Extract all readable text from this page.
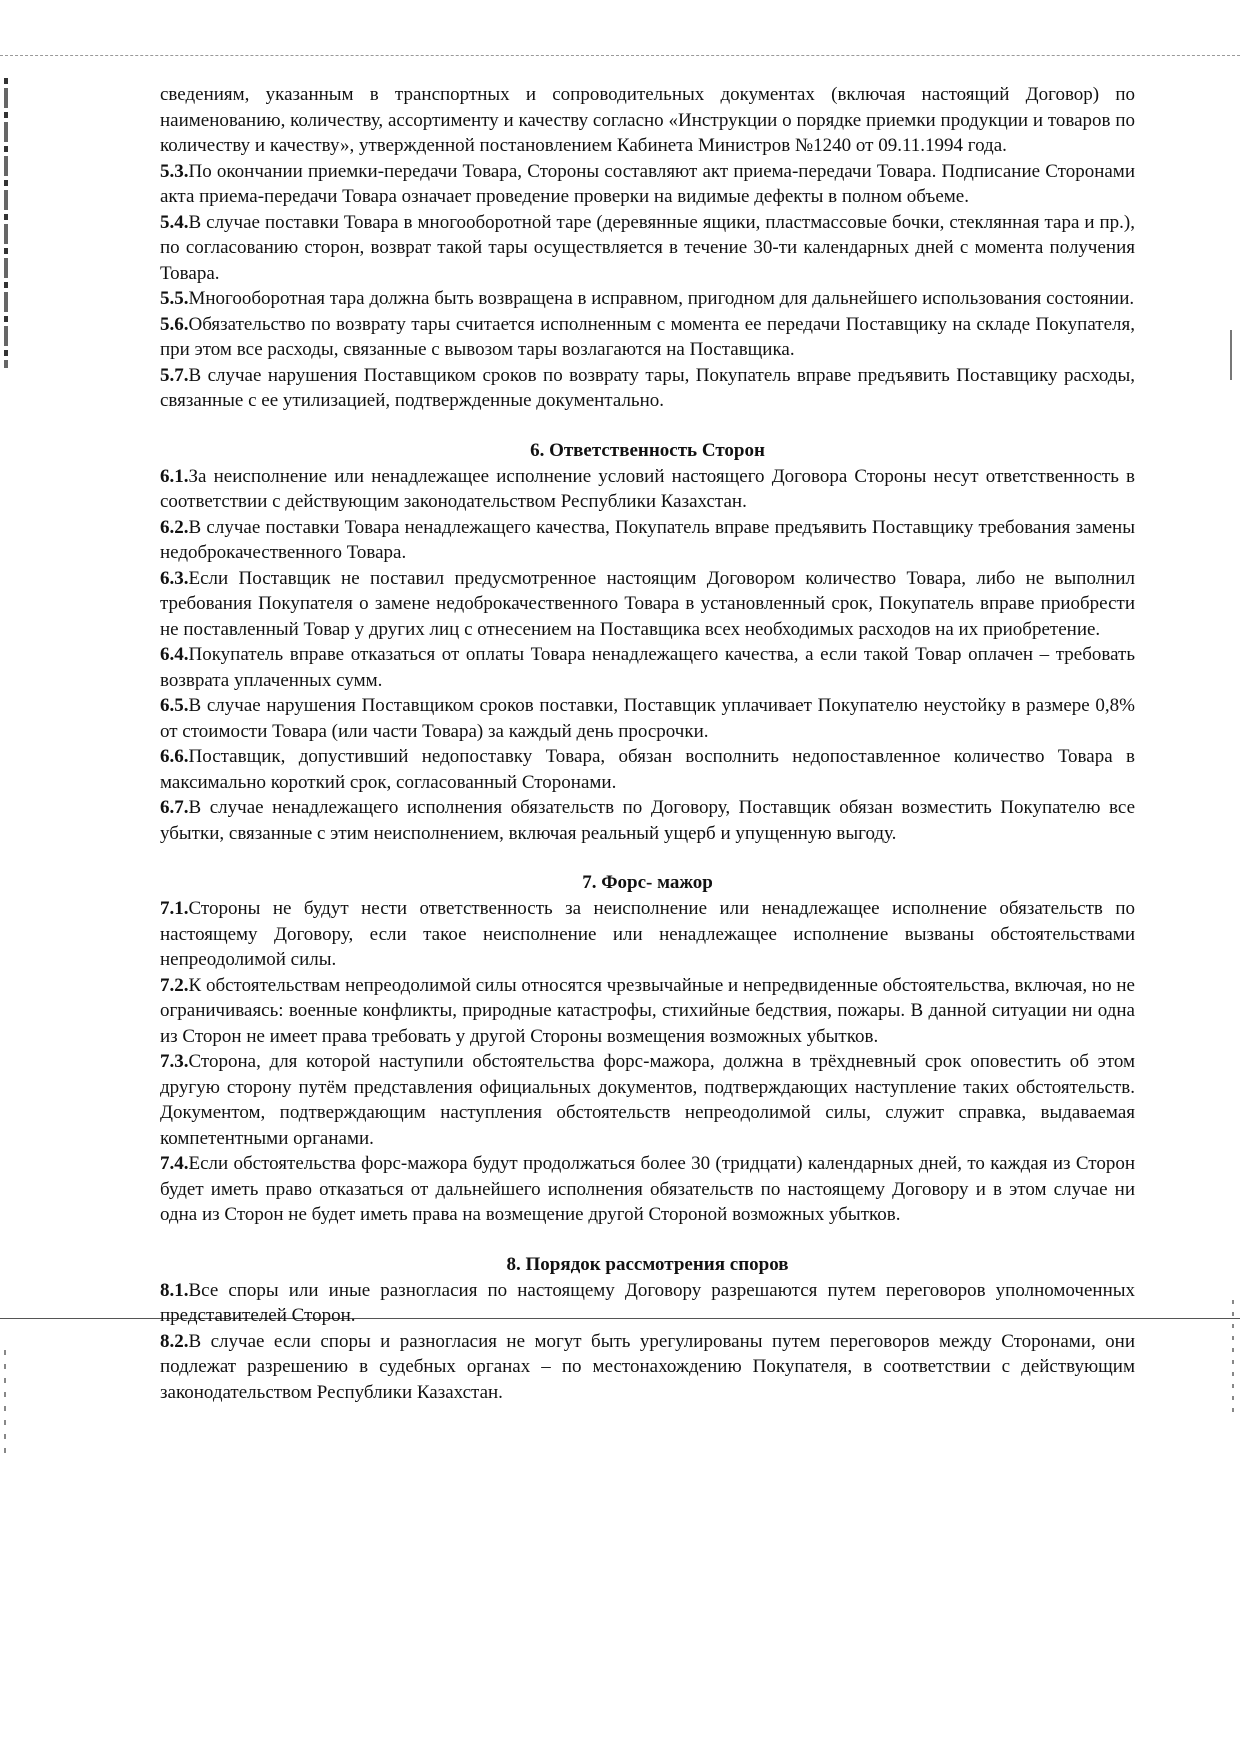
сведениям, указанным в транспортных и сопроводительных документах (включая настоящий Договор) по наименованию, количеству, ассортименту и качеству согласно «Инструкции о порядке приемки продукции и товаров по количеству и качеству», утвержденной постановлением Кабинета Министров №1240 от 09.11.1994 года.

5.3.По окончании приемки-передачи Товара, Стороны составляют акт приема-передачи Товара. Подписание Сторонами акта приема-передачи Товара означает проведение проверки на видимые дефекты в полном объеме.

5.4.В случае поставки Товара в многооборотной таре (деревянные ящики, пластмассовые бочки, стеклянная тара и пр.), по согласованию сторон, возврат такой тары осуществляется в течение 30-ти календарных дней с момента получения Товара.

5.5.Многооборотная тара должна быть возвращена в исправном, пригодном для дальнейшего использования состоянии.

5.6.Обязательство по возврату тары считается исполненным с момента ее передачи Поставщику на складе Покупателя, при этом все расходы, связанные с вывозом тары возлагаются на Поставщика.

5.7.В случае нарушения Поставщиком сроков по возврату тары, Покупатель вправе предъявить Поставщику расходы, связанные с ее утилизацией, подтвержденные документально.

6. Ответственность Сторон

6.1.За неисполнение или ненадлежащее исполнение условий настоящего Договора Стороны несут ответственность в соответствии с действующим законодательством Республики Казахстан.

6.2.В случае поставки Товара ненадлежащего качества, Покупатель вправе предъявить Поставщику требования замены недоброкачественного Товара.

6.3.Если Поставщик не поставил предусмотренное настоящим Договором количество Товара, либо не выполнил требования Покупателя о замене недоброкачественного Товара в установленный срок, Покупатель вправе приобрести не поставленный Товар у других лиц с отнесением на Поставщика всех необходимых расходов на их приобретение.

6.4.Покупатель вправе отказаться от оплаты Товара ненадлежащего качества, а если такой Товар оплачен – требовать возврата уплаченных сумм.

6.5.В случае нарушения Поставщиком сроков поставки, Поставщик уплачивает Покупателю неустойку в размере 0,8% от стоимости Товара (или части Товара) за каждый день просрочки.

6.6.Поставщик, допустивший недопоставку Товара, обязан восполнить недопоставленное количество Товара в максимально короткий срок, согласованный Сторонами.

6.7.В случае ненадлежащего исполнения обязательств по Договору, Поставщик обязан возместить Покупателю все убытки, связанные с этим неисполнением, включая реальный ущерб и упущенную выгоду.

7. Форс- мажор

7.1.Стороны не будут нести ответственность за неисполнение или ненадлежащее исполнение обязательств по настоящему Договору, если такое неисполнение или ненадлежащее исполнение вызваны обстоятельствами непреодолимой силы.

7.2.К обстоятельствам непреодолимой силы относятся чрезвычайные и непредвиденные обстоятельства, включая, но не ограничиваясь: военные конфликты, природные катастрофы, стихийные бедствия, пожары. В данной ситуации ни одна из Сторон не имеет права требовать у другой Стороны возмещения возможных убытков.

7.3.Сторона, для которой наступили обстоятельства форс-мажора, должна в трёхдневный срок оповестить об этом другую сторону путём представления официальных документов, подтверждающих наступление таких обстоятельств. Документом, подтверждающим наступления обстоятельств непреодолимой силы, служит справка, выдаваемая компетентными органами.

7.4.Если обстоятельства форс-мажора будут продолжаться более 30 (тридцати) календарных дней, то каждая из Сторон будет иметь право отказаться от дальнейшего исполнения обязательств по настоящему Договору и в этом случае ни одна из Сторон не будет иметь права на возмещение другой Стороной возможных убытков.

8. Порядок рассмотрения споров

8.1.Все споры или иные разногласия по настоящему Договору разрешаются путем переговоров уполномоченных представителей Сторон.

8.2.В случае если споры и разногласия не могут быть урегулированы путем переговоров между Сторонами, они подлежат разрешению в судебных органах – по местонахождению Покупателя, в соответствии с действующим законодательством Республики Казахстан.
